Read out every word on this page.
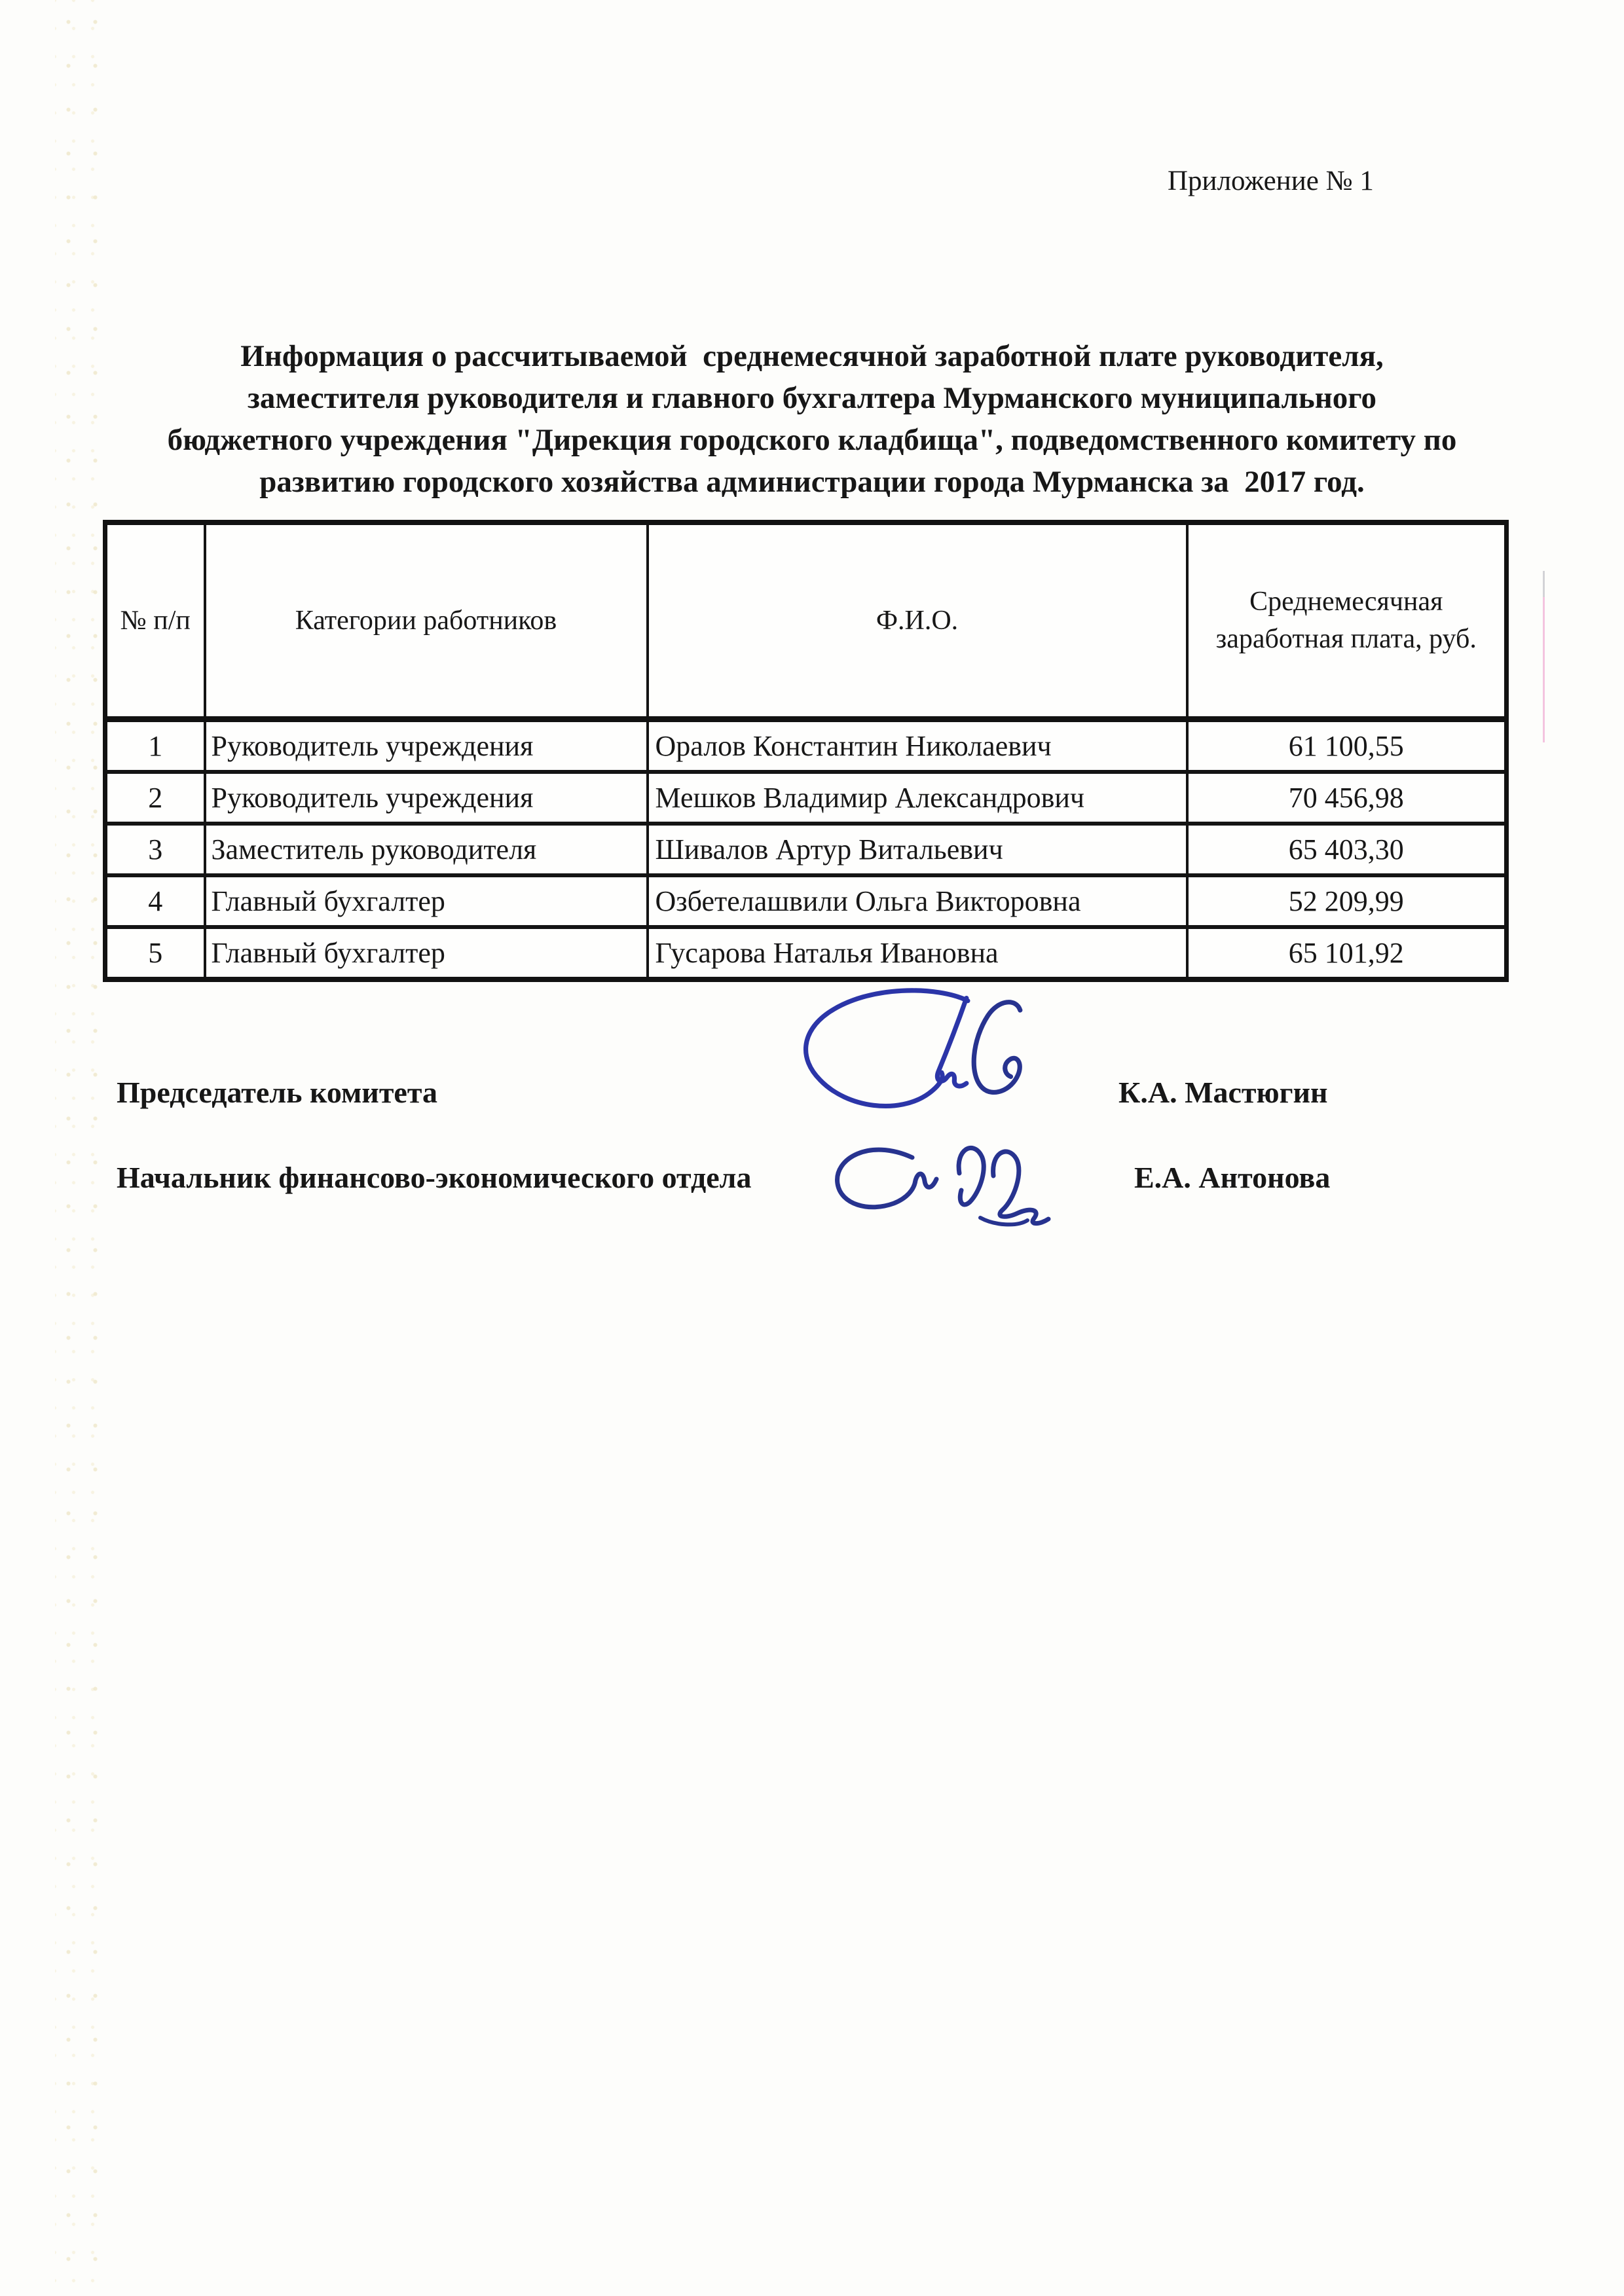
Приложение № 1
Информация о рассчитываемой  среднемесячной заработной плате руководителя,
заместителя руководителя и главного бухгалтера Мурманского муниципального
бюджетного учреждения "Дирекция городского кладбища", подведомственного комитету по
развитию городского хозяйства администрации города Мурманска за  2017 год.
№ п/п	Категории работников	Ф.И.О.	Среднемесячная заработная плата, руб.
1	Руководитель учреждения	Оралов Константин Николаевич	61 100,55
2	Руководитель учреждения	Мешков Владимир Александрович	70 456,98
3	Заместитель руководителя	Шивалов Артур Витальевич	65 403,30
4	Главный бухгалтер	Озбетелашвили Ольга Викторовна	52 209,99
5	Главный бухгалтер	Гусарова Наталья Ивановна	65 101,92
Председатель комитета	К.А. Мастюгин
Начальник финансово-экономического отдела	Е.А. Антонова
